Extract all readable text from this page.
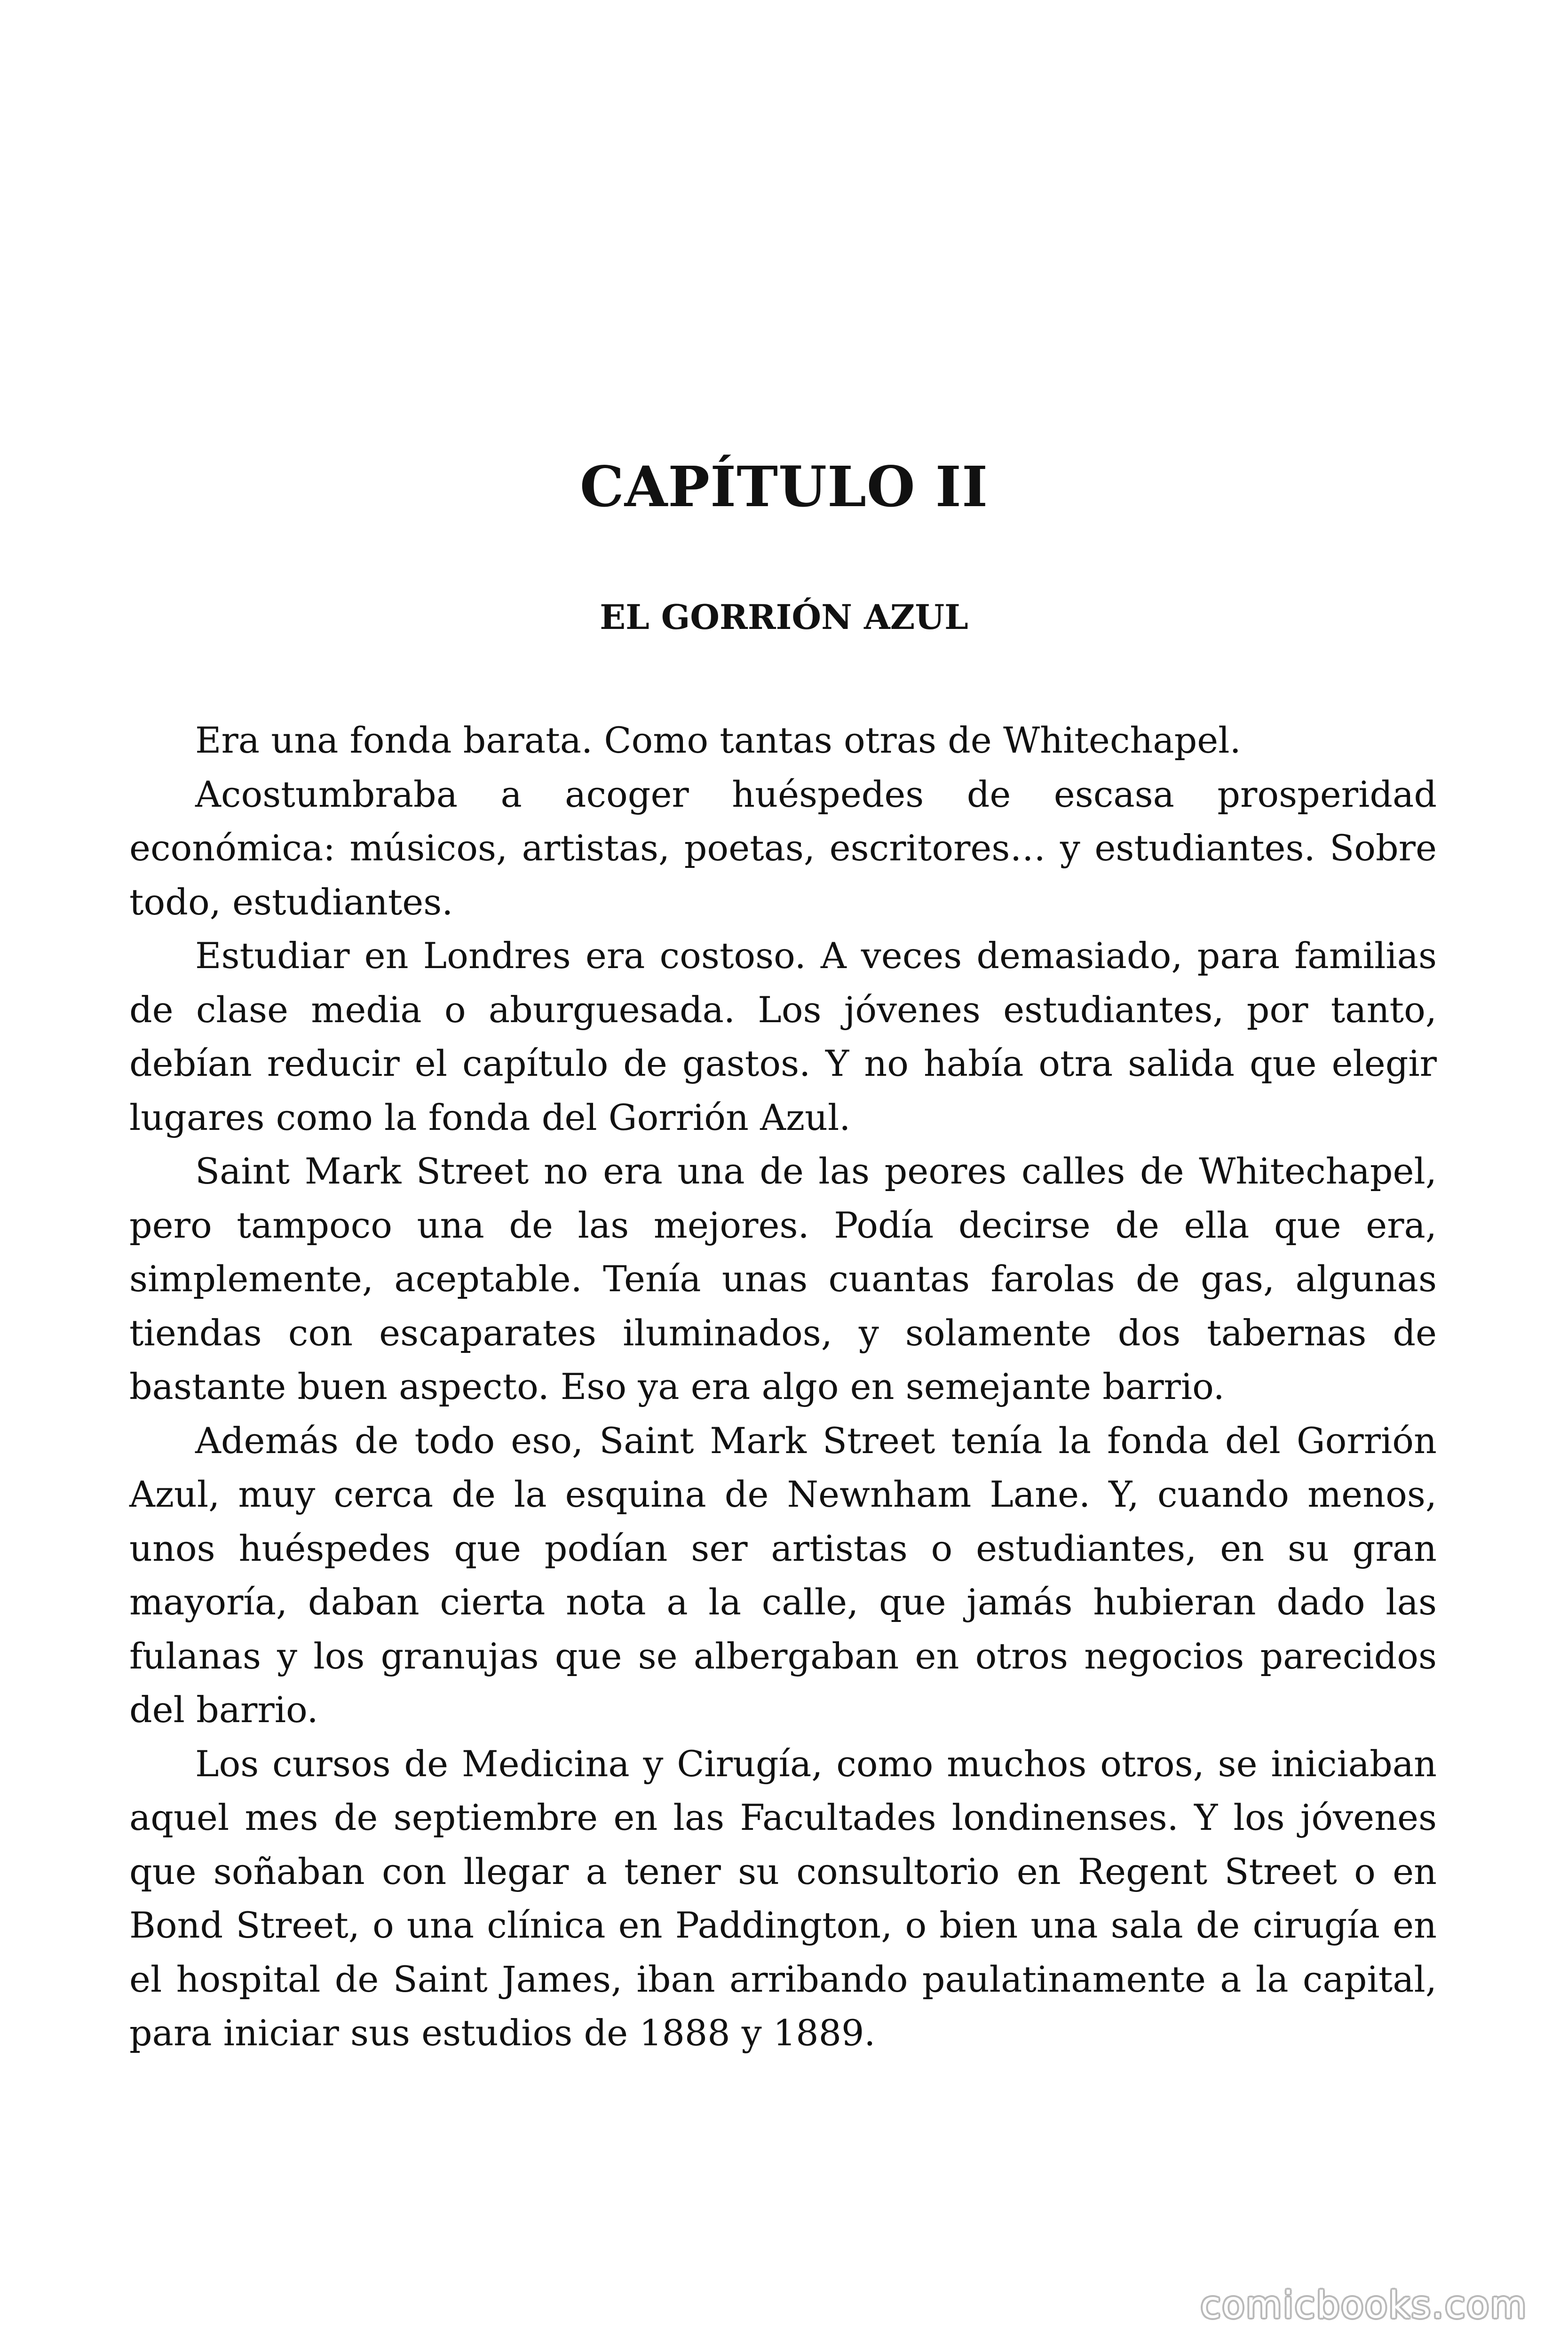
CAPÍTULO II
EL GORRIÓN AZUL

Era una fonda barata. Como tantas otras de Whitechapel.

Acostumbraba a acoger huéspedes de escasa prosperidad económica: músicos, artistas, poetas, escritores… y estudiantes. Sobre todo, estudiantes.

Estudiar en Londres era costoso. A veces demasiado, para familias de clase media o aburguesada. Los jóvenes estudiantes, por tanto, debían reducir el capítulo de gastos. Y no había otra salida que elegir lugares como la fonda del Gorrión Azul.

Saint Mark Street no era una de las peores calles de Whitechapel, pero tampoco una de las mejores. Podía decirse de ella que era, simplemente, aceptable. Tenía unas cuantas farolas de gas, algunas tiendas con escaparates iluminados, y solamente dos tabernas de bastante buen aspecto. Eso ya era algo en semejante barrio.

Además de todo eso, Saint Mark Street tenía la fonda del Gorrión Azul, muy cerca de la esquina de Newnham Lane. Y, cuando menos, unos huéspedes que podían ser artistas o estudiantes, en su gran mayoría, daban cierta nota a la calle, que jamás hubieran dado las fulanas y los granujas que se albergaban en otros negocios parecidos del barrio.

Los cursos de Medicina y Cirugía, como muchos otros, se iniciaban aquel mes de septiembre en las Facultades londinenses. Y los jóvenes que soñaban con llegar a tener su consultorio en Regent Street o en Bond Street, o una clínica en Paddington, o bien una sala de cirugía en el hospital de Saint James, iban arribando paulatinamente a la capital, para iniciar sus estudios de 1888 y 1889.

comicbooks.com
